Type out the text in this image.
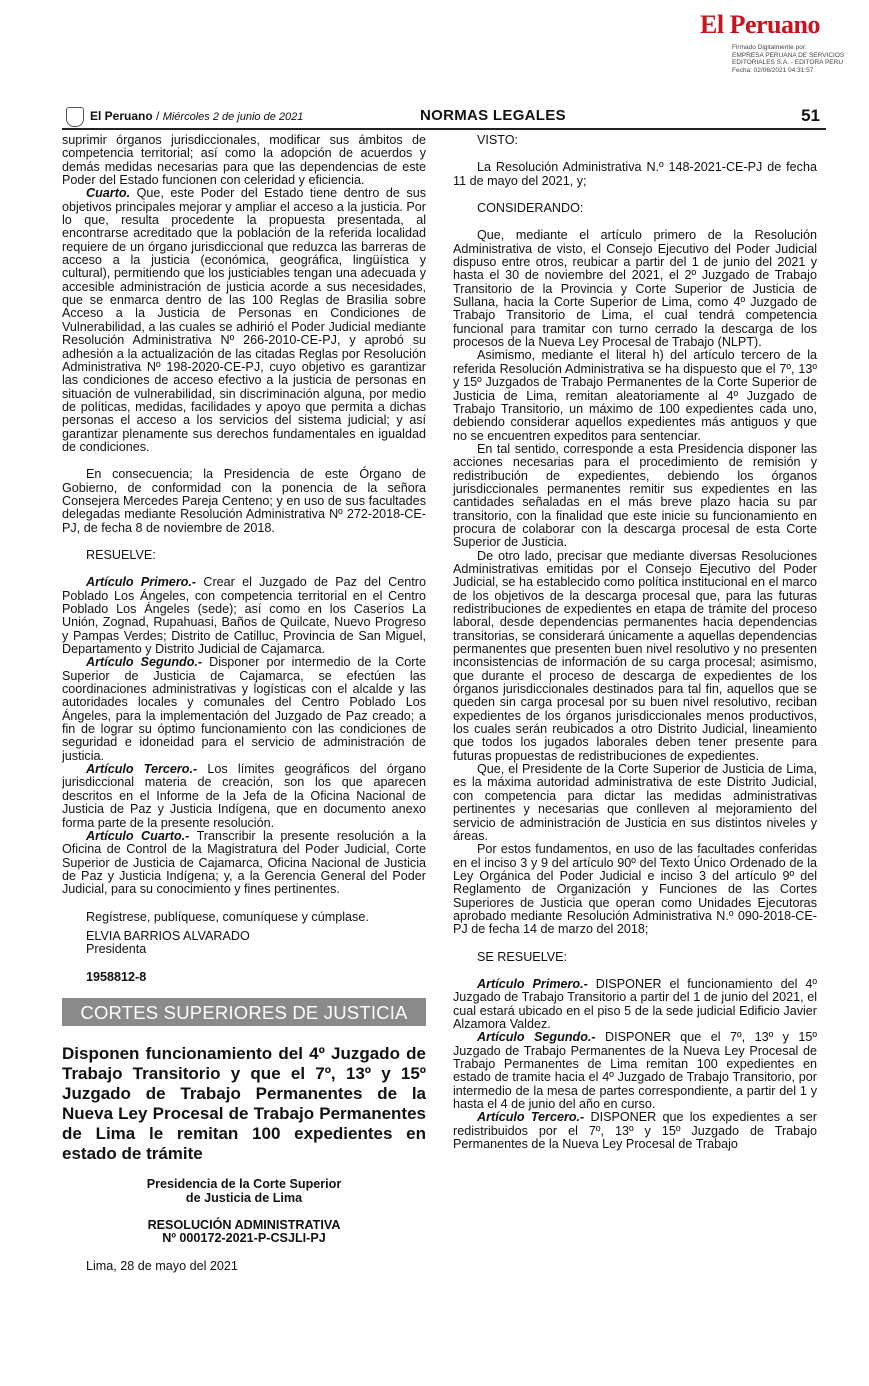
El Peruano
Firmado Digitalmente por:
EMPRESA PERUANA DE SERVICIOS
EDITORIALES S.A. - EDITORA PERU
Fecha: 02/06/2021 04:31:57
El Peruano / Miércoles 2 de junio de 2021	NORMAS LEGALES	51

suprimir órganos jurisdiccionales, modificar sus ámbitos de competencia territorial; así como la adopción de acuerdos y demás medidas necesarias para que las dependencias de este Poder del Estado funcionen con celeridad y eficiencia.

Cuarto. Que, este Poder del Estado tiene dentro de sus objetivos principales mejorar y ampliar el acceso a la justicia. Por lo que, resulta procedente la propuesta presentada, al encontrarse acreditado que la población de la referida localidad requiere de un órgano jurisdiccional que reduzca las barreras de acceso a la justicia (económica, geográfica, lingüística y cultural), permitiendo que los justiciables tengan una adecuada y accesible administración de justicia acorde a sus necesidades, que se enmarca dentro de las 100 Reglas de Brasilia sobre Acceso a la Justicia de Personas en Condiciones de Vulnerabilidad, a las cuales se adhirió el Poder Judicial mediante Resolución Administrativa Nº 266-2010-CE-PJ, y aprobó su adhesión a la actualización de las citadas Reglas por Resolución Administrativa Nº 198-2020-CE-PJ, cuyo objetivo es garantizar las condiciones de acceso efectivo a la justicia de personas en situación de vulnerabilidad, sin discriminación alguna, por medio de políticas, medidas, facilidades y apoyo que permita a dichas personas el acceso a los servicios del sistema judicial; y así garantizar plenamente sus derechos fundamentales en igualdad de condiciones.

En consecuencia; la Presidencia de este Órgano de Gobierno, de conformidad con la ponencia de la señora Consejera Mercedes Pareja Centeno; y en uso de sus facultades delegadas mediante Resolución Administrativa Nº 272-2018-CE-PJ, de fecha 8 de noviembre de 2018.

RESUELVE:

Artículo Primero.- Crear el Juzgado de Paz del Centro Poblado Los Ángeles, con competencia territorial en el Centro Poblado Los Ángeles (sede); así como en los Caseríos La Unión, Zognad, Rupahuasi, Baños de Quilcate, Nuevo Progreso y Pampas Verdes; Distrito de Catilluc, Provincia de San Miguel, Departamento y Distrito Judicial de Cajamarca.

Artículo Segundo.- Disponer por intermedio de la Corte Superior de Justicia de Cajamarca, se efectúen las coordinaciones administrativas y logísticas con el alcalde y las autoridades locales y comunales del Centro Poblado Los Ángeles, para la implementación del Juzgado de Paz creado; a fin de lograr su óptimo funcionamiento con las condiciones de seguridad e idoneidad para el servicio de administración de justicia.

Artículo Tercero.- Los límites geográficos del órgano jurisdiccional materia de creación, son los que aparecen descritos en el Informe de la Jefa de la Oficina Nacional de Justicia de Paz y Justicia Indígena, que en documento anexo forma parte de la presente resolución.

Artículo Cuarto.- Transcribir la presente resolución a la Oficina de Control de la Magistratura del Poder Judicial, Corte Superior de Justicia de Cajamarca, Oficina Nacional de Justicia de Paz y Justicia Indígena; y, a la Gerencia General del Poder Judicial, para su conocimiento y fines pertinentes.

Regístrese, publíquese, comuníquese y cúmplase.

ELVIA BARRIOS ALVARADO

Presidenta

1958812-8

CORTES SUPERIORES DE JUSTICIA
Disponen funcionamiento del 4º Juzgado de Trabajo Transitorio y que el 7º, 13º y 15º Juzgado de Trabajo Permanentes de la Nueva Ley Procesal de Trabajo Permanentes de Lima le remitan 100 expedientes en estado de trámite

Presidencia de la Corte Superior

de Justicia de Lima

RESOLUCIÓN ADMINISTRATIVA

Nº 000172-2021-P-CSJLI-PJ

Lima, 28 de mayo del 2021

VISTO:

La Resolución Administrativa N.º 148-2021-CE-PJ de fecha 11 de mayo del 2021, y;

CONSIDERANDO:

Que, mediante el artículo primero de la Resolución Administrativa de visto, el Consejo Ejecutivo del Poder Judicial dispuso entre otros, reubicar a partir del 1 de junio del 2021 y hasta el 30 de noviembre del 2021, el 2º Juzgado de Trabajo Transitorio de la Provincia y Corte Superior de Justicia de Sullana, hacia la Corte Superior de Lima, como 4º Juzgado de Trabajo Transitorio de Lima, el cual tendrá competencia funcional para tramitar con turno cerrado la descarga de los procesos de la Nueva Ley Procesal de Trabajo (NLPT).

Asimismo, mediante el literal h) del artículo tercero de la referida Resolución Administrativa se ha dispuesto que el 7º, 13º y 15º Juzgados de Trabajo Permanentes de la Corte Superior de Justicia de Lima, remitan aleatoriamente al 4º Juzgado de Trabajo Transitorio, un máximo de 100 expedientes cada uno, debiendo considerar aquellos expedientes más antiguos y que no se encuentren expeditos para sentenciar.

En tal sentido, corresponde a esta Presidencia disponer las acciones necesarias para el procedimiento de remisión y redistribución de expedientes, debiendo los órganos jurisdiccionales permanentes remitir sus expedientes en las cantidades señaladas en el más breve plazo hacia su par transitorio, con la finalidad que este inicie su funcionamiento en procura de colaborar con la descarga procesal de esta Corte Superior de Justicia.

De otro lado, precisar que mediante diversas Resoluciones Administrativas emitidas por el Consejo Ejecutivo del Poder Judicial, se ha establecido como política institucional en el marco de los objetivos de la descarga procesal que, para las futuras redistribuciones de expedientes en etapa de trámite del proceso laboral, desde dependencias permanentes hacia dependencias transitorias, se considerará únicamente a aquellas dependencias permanentes que presenten buen nivel resolutivo y no presenten inconsistencias de información de su carga procesal; asimismo, que durante el proceso de descarga de expedientes de los órganos jurisdiccionales destinados para tal fin, aquellos que se queden sin carga procesal por su buen nivel resolutivo, reciban expedientes de los órganos jurisdiccionales menos productivos, los cuales serán reubicados a otro Distrito Judicial, lineamiento que todos los jugados laborales deben tener presente para futuras propuestas de redistribuciones de expedientes.

Que, el Presidente de la Corte Superior de Justicia de Lima, es la máxima autoridad administrativa de este Distrito Judicial, con competencia para dictar las medidas administrativas pertinentes y necesarias que conlleven al mejoramiento del servicio de administración de Justicia en sus distintos niveles y áreas.

Por estos fundamentos, en uso de las facultades conferidas en el inciso 3 y 9 del artículo 90º del Texto Único Ordenado de la Ley Orgánica del Poder Judicial e inciso 3 del artículo 9º del Reglamento de Organización y Funciones de las Cortes Superiores de Justicia que operan como Unidades Ejecutoras aprobado mediante Resolución Administrativa N.º 090-2018-CE-PJ de fecha 14 de marzo del 2018;

SE RESUELVE:

Artículo Primero.- DISPONER el funcionamiento del 4º Juzgado de Trabajo Transitorio a partir del 1 de junio del 2021, el cual estará ubicado en el piso 5 de la sede judicial Edificio Javier Alzamora Valdez.

Artículo Segundo.- DISPONER que el 7º, 13º y 15º Juzgado de Trabajo Permanentes de la Nueva Ley Procesal de Trabajo Permanentes de Lima remitan 100 expedientes en estado de tramite hacia el 4º Juzgado de Trabajo Transitorio, por intermedio de la mesa de partes correspondiente, a partir del 1 y hasta el 4 de junio del año en curso.

Artículo Tercero.- DISPONER que los expedientes a ser redistribuidos por el 7º, 13º y 15º Juzgado de Trabajo Permanentes de la Nueva Ley Procesal de Trabajo
